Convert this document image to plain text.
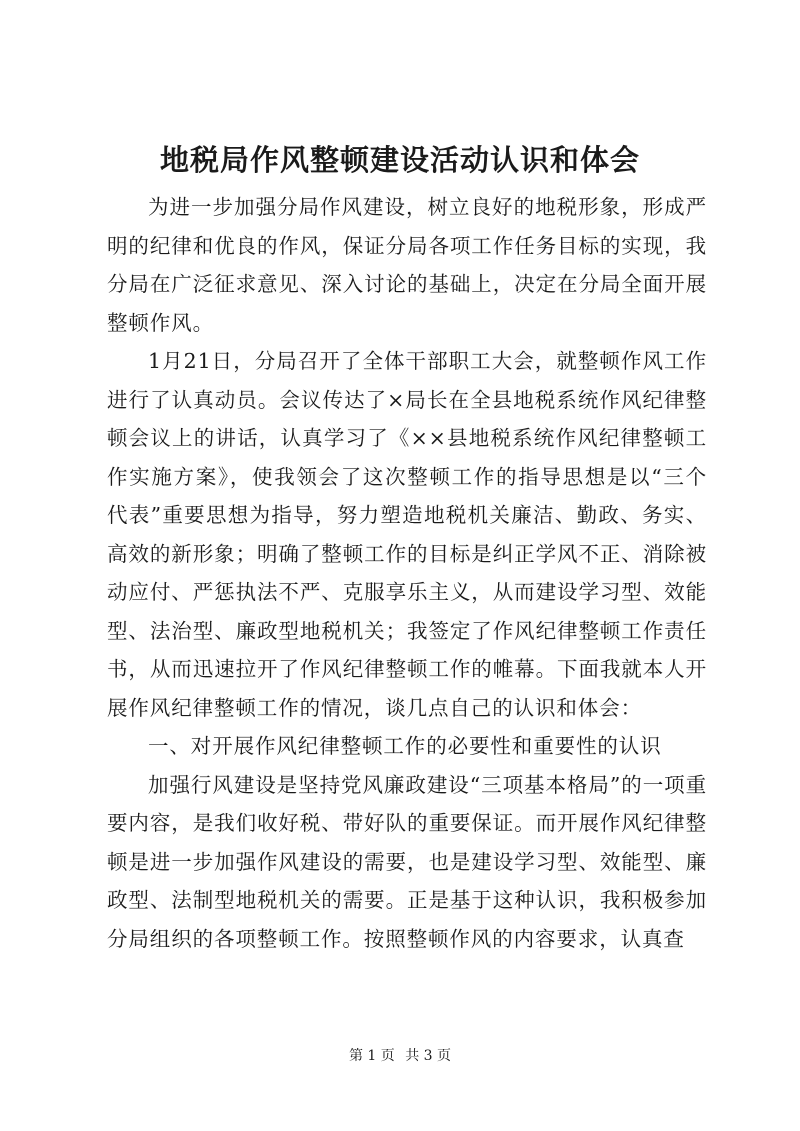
地税局作风整顿建设活动认识和体会

为进一步加强分局作风建设，树立良好的地税形象，形成严明的纪律和优良的作风，保证分局各项工作任务目标的实现，我分局在广泛征求意见、深入讨论的基础上，决定在分局全面开展整顿作风。

1月21日，分局召开了全体干部职工大会，就整顿作风工作进行了认真动员。会议传达了×局长在全县地税系统作风纪律整顿会议上的讲话，认真学习了《××县地税系统作风纪律整顿工作实施方案》，使我领会了这次整顿工作的指导思想是以“三个代表”重要思想为指导，努力塑造地税机关廉洁、勤政、务实、高效的新形象；明确了整顿工作的目标是纠正学风不正、消除被动应付、严惩执法不严、克服享乐主义，从而建设学习型、效能型、法治型、廉政型地税机关；我签定了作风纪律整顿工作责任书，从而迅速拉开了作风纪律整顿工作的帷幕。下面我就本人开展作风纪律整顿工作的情况，谈几点自己的认识和体会：

一、对开展作风纪律整顿工作的必要性和重要性的认识

加强行风建设是坚持党风廉政建设“三项基本格局”的一项重要内容，是我们收好税、带好队的重要保证。而开展作风纪律整顿是进一步加强作风建设的需要，也是建设学习型、效能型、廉政型、法制型地税机关的需要。正是基于这种认识，我积极参加分局组织的各项整顿工作。按照整顿作风的内容要求，认真查

第 1 页 共 3 页
